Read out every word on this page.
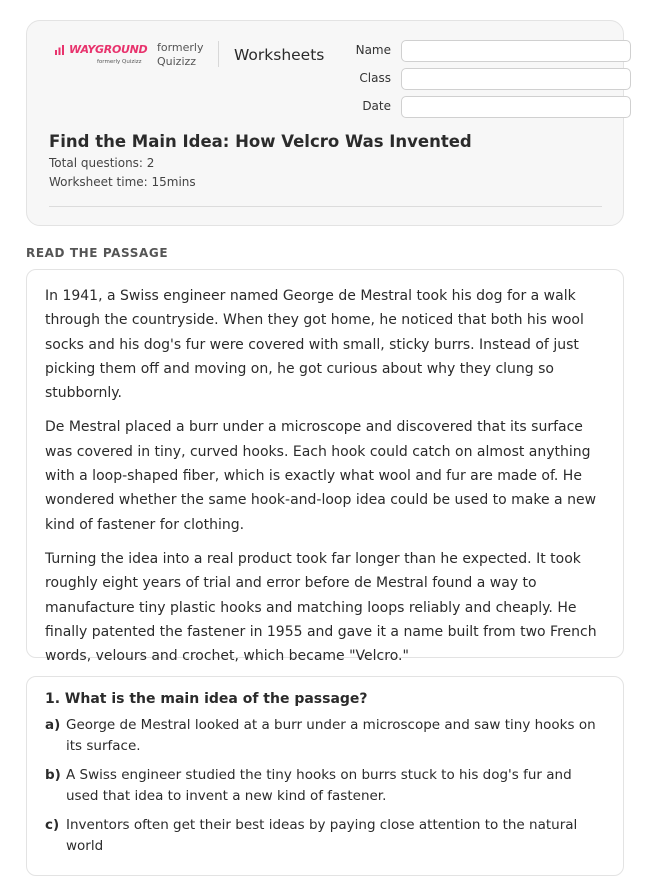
WAYGROUND
formerly Quizizz
formerly
Quizizz	Worksheets	Name
Class
Date
Find the Main Idea: How Velcro Was Invented
Total questions: 2
Worksheet time: 15mins
READ THE PASSAGE

In 1941, a Swiss engineer named George de Mestral took his dog for a walk through the countryside. When they got home, he noticed that both his wool socks and his dog's fur were covered with small, sticky burrs. Instead of just picking them off and moving on, he got curious about why they clung so stubbornly.

De Mestral placed a burr under a microscope and discovered that its surface was covered in tiny, curved hooks. Each hook could catch on almost anything with a loop-shaped fiber, which is exactly what wool and fur are made of. He wondered whether the same hook-and-loop idea could be used to make a new kind of fastener for clothing.

Turning the idea into a real product took far longer than he expected. It took roughly eight years of trial and error before de Mestral found a way to manufacture tiny plastic hooks and matching loops reliably and cheaply. He finally patented the fastener in 1955 and gave it a name built from two French words, velours and crochet, which became "Velcro."

1. What is the main idea of the passage?
a) George de Mestral looked at a burr under a microscope and saw tiny hooks on its surface.
b) A Swiss engineer studied the tiny hooks on burrs stuck to his dog's fur and used that idea to invent a new kind of fastener.
c) Inventors often get their best ideas by paying close attention to the natural world
